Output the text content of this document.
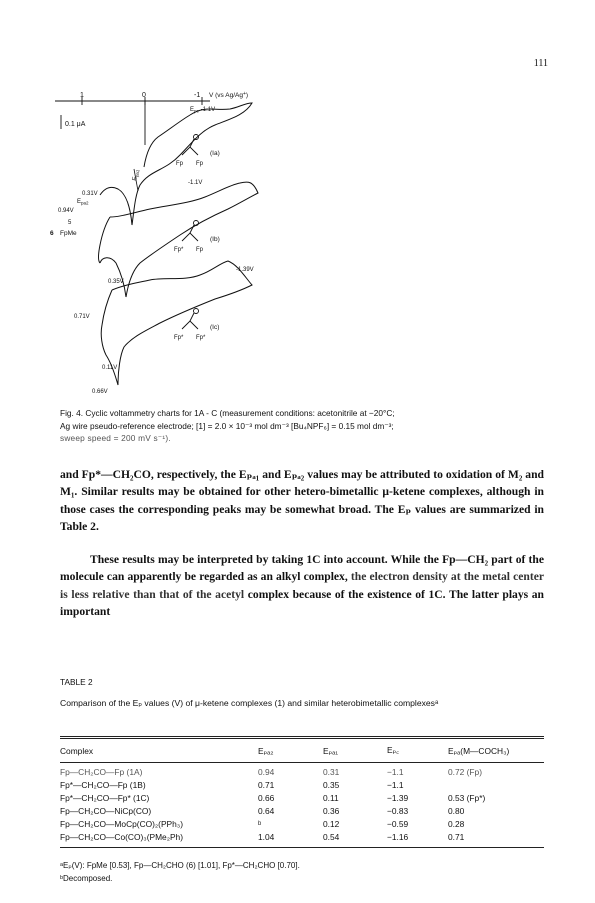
111
1	0	-1 V (vs Ag/Ag+)
0.1 μA
$E_{pc}$ -1.1V
$E_{pa1}$
$E_{pa2}$
0.31V
0.94V
5
6 FpMe
-1.1V
0.35V
-1.39V
0.71V
0.11V
0.66V
Fp Fp
(Ia)
Fp* Fp
(Ib)
Fp* Fp*
(Ic)
Fig. 4. Cyclic voltammetry charts for 1A - C (measurement conditions: acetonitrile at −20°C;
Ag wire pseudo-reference electrode; [1] = 2.0 × 10⁻³ mol dm⁻³ [Bu₄NPF₆] = 0.15 mol dm⁻³;
sweep speed = 200 mV s⁻¹).
and Fp*—CH₂CO, respectively, the Eₚₐ₁ and Eₚₐ₂ values may be attributed to oxidation of M₂ and M₁. Similar results may be obtained for other hetero-bimetallic μ-ketene complexes, although in those cases the corresponding peaks may be somewhat broad. The Eₚ values are summarized in Table 2.
These results may be interpreted by taking 1C into account. While the Fp—CH₂ part of the molecule can apparently be regarded as an alkyl complex, the electron density at the metal center is less relative than that of the acetyl complex because of the existence of 1C. The latter plays an important
TABLE 2
Comparison of the Eₚ values (V) of μ-ketene complexes (1) and similar heterobimetallic complexesᵃ
Complex	Eₚₐ₂	Eₚₐ₁	Eₚ꜀	Eₚₐ(M—COCH₃)
Fp—CH₂CO—Fp (1A)	0.94	0.31	−1.1	0.72 (Fp)
Fp*—CH₂CO—Fp (1B)	0.71	0.35	−1.1	
Fp*—CH₂CO—Fp* (1C)	0.66	0.11	−1.39	0.53 (Fp*)
Fp—CH₂CO—NiCp(CO)	0.64	0.36	−0.83	0.80
Fp—CH₂CO—MoCp(CO)₂(PPh₃)	ᵇ	0.12	−0.59	0.28
Fp—CH₂CO—Co(CO)₃(PMe₂Ph)	1.04	0.54	−1.16	0.71
ᵃEₚ(V): FpMe [0.53], Fp—CH₂CHO (6) [1.01], Fp*—CH₂CHO [0.70].
ᵇDecomposed.
